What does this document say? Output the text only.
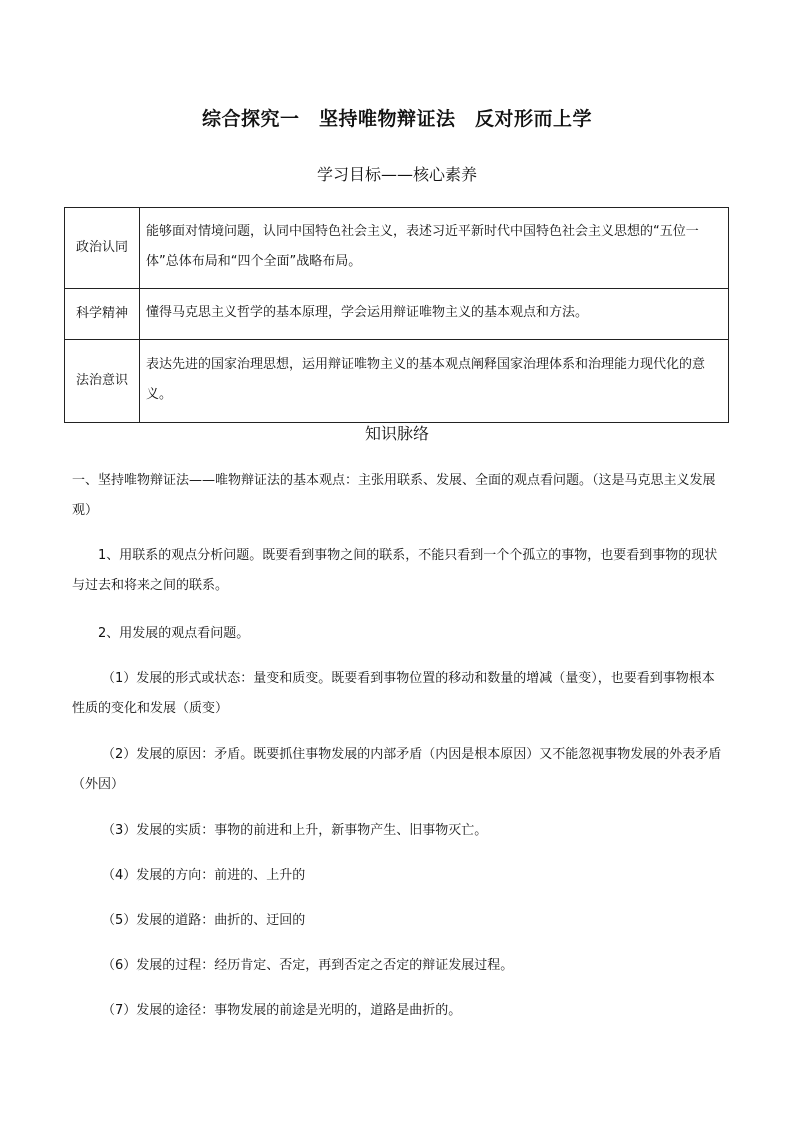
综合探究一　坚持唯物辩证法　反对形而上学
学习目标——核心素养
政治认同	能够面对情境问题，认同中国特色社会主义，表述习近平新时代中国特色社会主义思想的“五位一体”总体布局和“四个全面”战略布局。
科学精神	懂得马克思主义哲学的基本原理，学会运用辩证唯物主义的基本观点和方法。
法治意识	表达先进的国家治理思想，运用辩证唯物主义的基本观点阐释国家治理体系和治理能力现代化的意义。
知识脉络
一、坚持唯物辩证法——唯物辩证法的基本观点：主张用联系、发展、全面的观点看问题。（这是马克思主义发展观）
1、用联系的观点分析问题。既要看到事物之间的联系，不能只看到一个个孤立的事物，也要看到事物的现状与过去和将来之间的联系。
2、用发展的观点看问题。
（1）发展的形式或状态：量变和质变。既要看到事物位置的移动和数量的增减（量变），也要看到事物根本性质的变化和发展（质变）
（2）发展的原因：矛盾。既要抓住事物发展的内部矛盾（内因是根本原因）又不能忽视事物发展的外表矛盾（外因）
（3）发展的实质：事物的前进和上升，新事物产生、旧事物灭亡。
（4）发展的方向：前进的、上升的
（5）发展的道路：曲折的、迂回的
（6）发展的过程：经历肯定、否定，再到否定之否定的辩证发展过程。
（7）发展的途径：事物发展的前途是光明的，道路是曲折的。
